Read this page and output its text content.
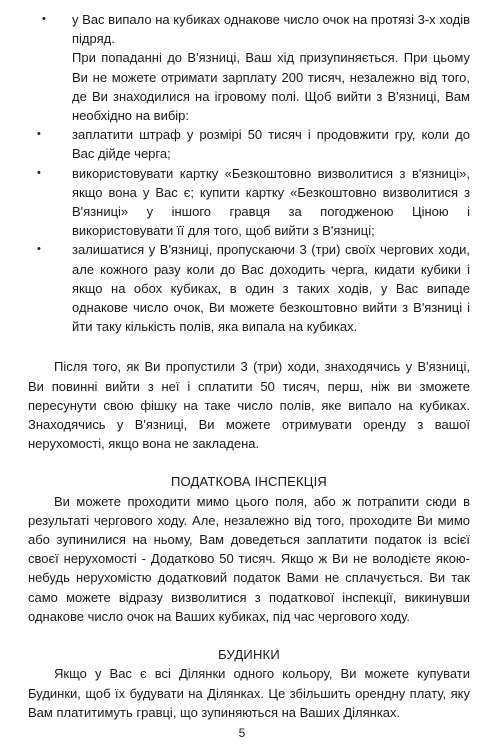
• у Вас випало на кубиках однакове число очок на протязі 3-х ходів підряд.

При попаданні до В'язниці, Ваш хід призупиняється. При цьому Ви не можете отримати зарплату 200 тисяч, незалежно від того, де Ви знаходилися на ігровому полі. Щоб вийти з В'язниці, Вам необхідно на вибір:

• заплатити штраф у розмірі 50 тисяч і продовжити гру, коли до Вас дійде черга;
• використовувати картку «Безкоштовно визволитися з в'язниці», якщо вона у Вас є; купити картку «Безкоштовно визволитися з В'язниці» у іншого гравця за погодженою Ціною і використовувати її для того, щоб вийти з В'язниці;
• залишатися у В'язниці, пропускаючи 3 (три) своїх чергових ходи, але кожного разу коли до Вас доходить черга, кидати кубики і якщо на обох кубиках, в один з таких ходів, у Вас випаде однакове число очок, Ви можете безкоштовно вийти з В'язниці і йти таку кількість полів, яка випала на кубиках.

Після того, як Ви пропустили 3 (три) ходи, знаходячись у В'язниці, Ви повинні вийти з неї і сплатити 50 тисяч, перш, ніж ви зможете пересунути свою фішку на таке число полів, яке випало на кубиках. Знаходячись у В'язниці, Ви можете отримувати оренду з вашої нерухомості, якщо вона не закладена.

ПОДАТКОВА ІНСПЕКЦІЯ

Ви можете проходити мимо цього поля, або ж потрапити сюди в результаті чергового ходу. Але, незалежно від того, проходите Ви мимо або зупинилися на ньому, Вам доведеться заплатити податок із всієї своєї нерухомості - Додатково 50 тисяч. Якщо ж Ви не володієте якою-небудь нерухомістю додатковий податок Вами не сплачується. Ви так само можете відразу визволитися з податкової інспекції, викинувши однакове число очок на Ваших кубиках, під час чергового ходу.

БУДИНКИ

Якщо у Вас є всі Ділянки одного кольору, Ви можете купувати Будинки, щоб їх будувати на Ділянках. Це збільшить орендну плату, яку Вам платитимуть гравці, що зупиняються на Ваших Ділянках.

5
